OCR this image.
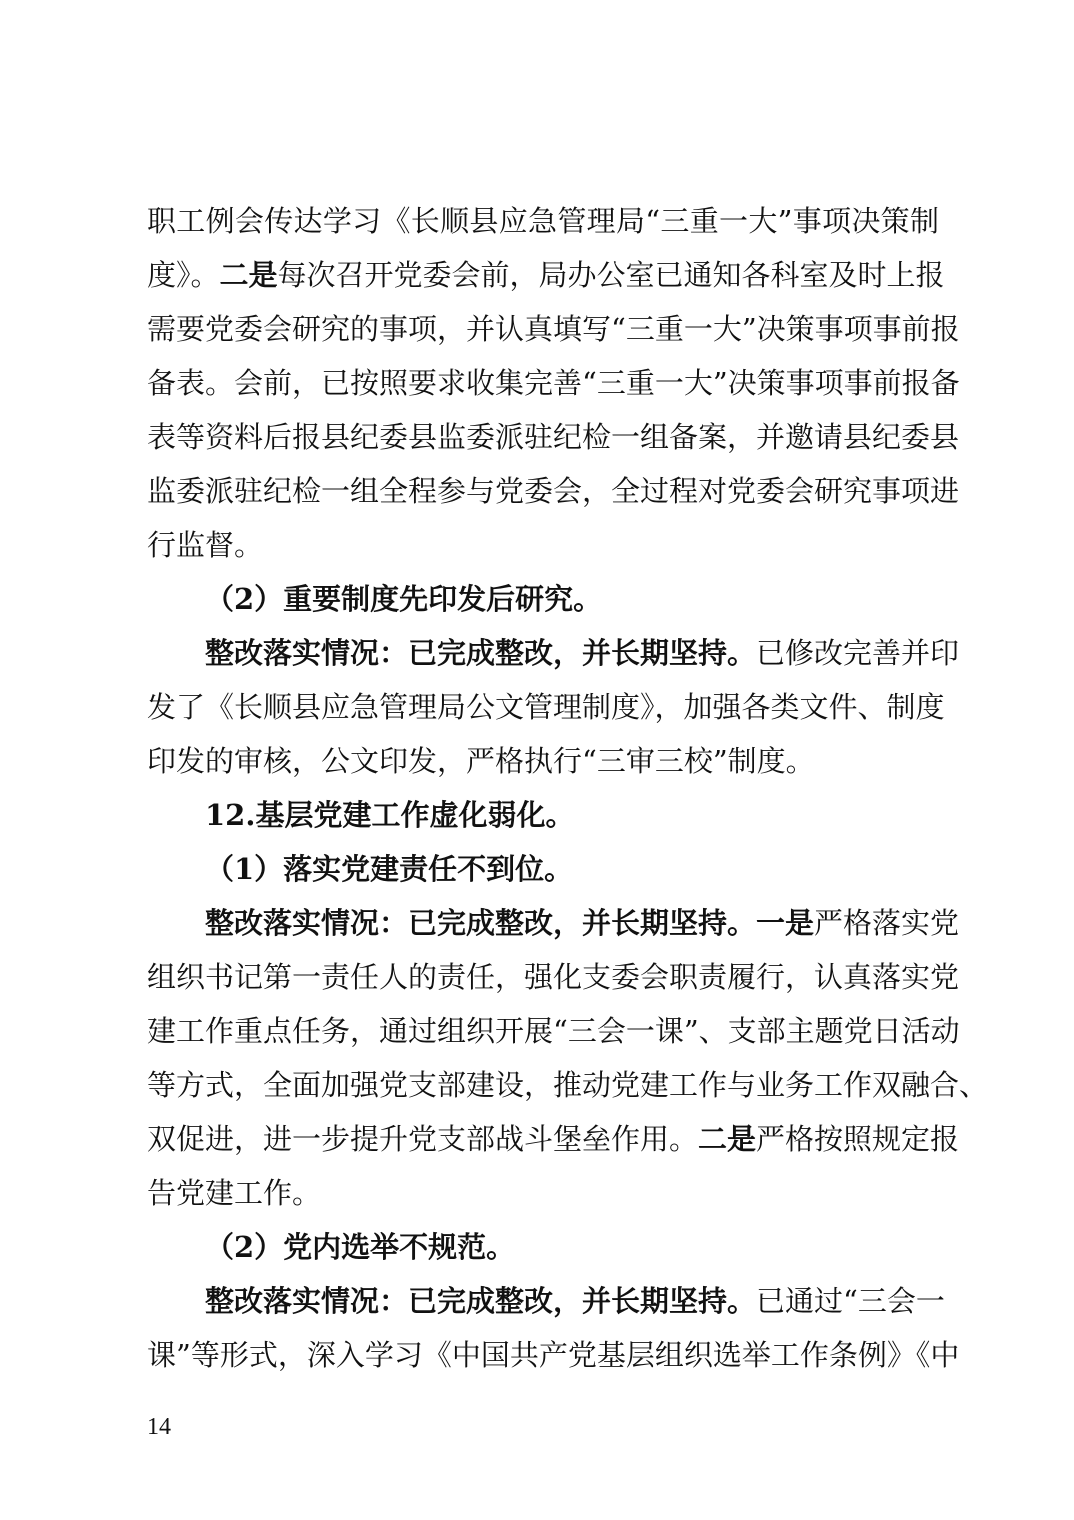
职工例会传达学习《长顺县应急管理局“三重一大”事项决策制
度》。二是每次召开党委会前，局办公室已通知各科室及时上报
需要党委会研究的事项，并认真填写“三重一大”决策事项事前报
备表。会前，已按照要求收集完善“三重一大”决策事项事前报备
表等资料后报县纪委县监委派驻纪检一组备案，并邀请县纪委县
监委派驻纪检一组全程参与党委会，全过程对党委会研究事项进
行监督。
（2）重要制度先印发后研究。
整改落实情况：已完成整改，并长期坚持。已修改完善并印
发了《长顺县应急管理局公文管理制度》，加强各类文件、制度
印发的审核，公文印发，严格执行“三审三校”制度。
12.基层党建工作虚化弱化。
（1）落实党建责任不到位。
整改落实情况：已完成整改，并长期坚持。一是严格落实党
组织书记第一责任人的责任，强化支委会职责履行，认真落实党
建工作重点任务，通过组织开展“三会一课”、支部主题党日活动
等方式，全面加强党支部建设，推动党建工作与业务工作双融合、
双促进，进一步提升党支部战斗堡垒作用。二是严格按照规定报
告党建工作。
（2）党内选举不规范。
整改落实情况：已完成整改，并长期坚持。已通过“三会一
课”等形式，深入学习《中国共产党基层组织选举工作条例》《中
14
